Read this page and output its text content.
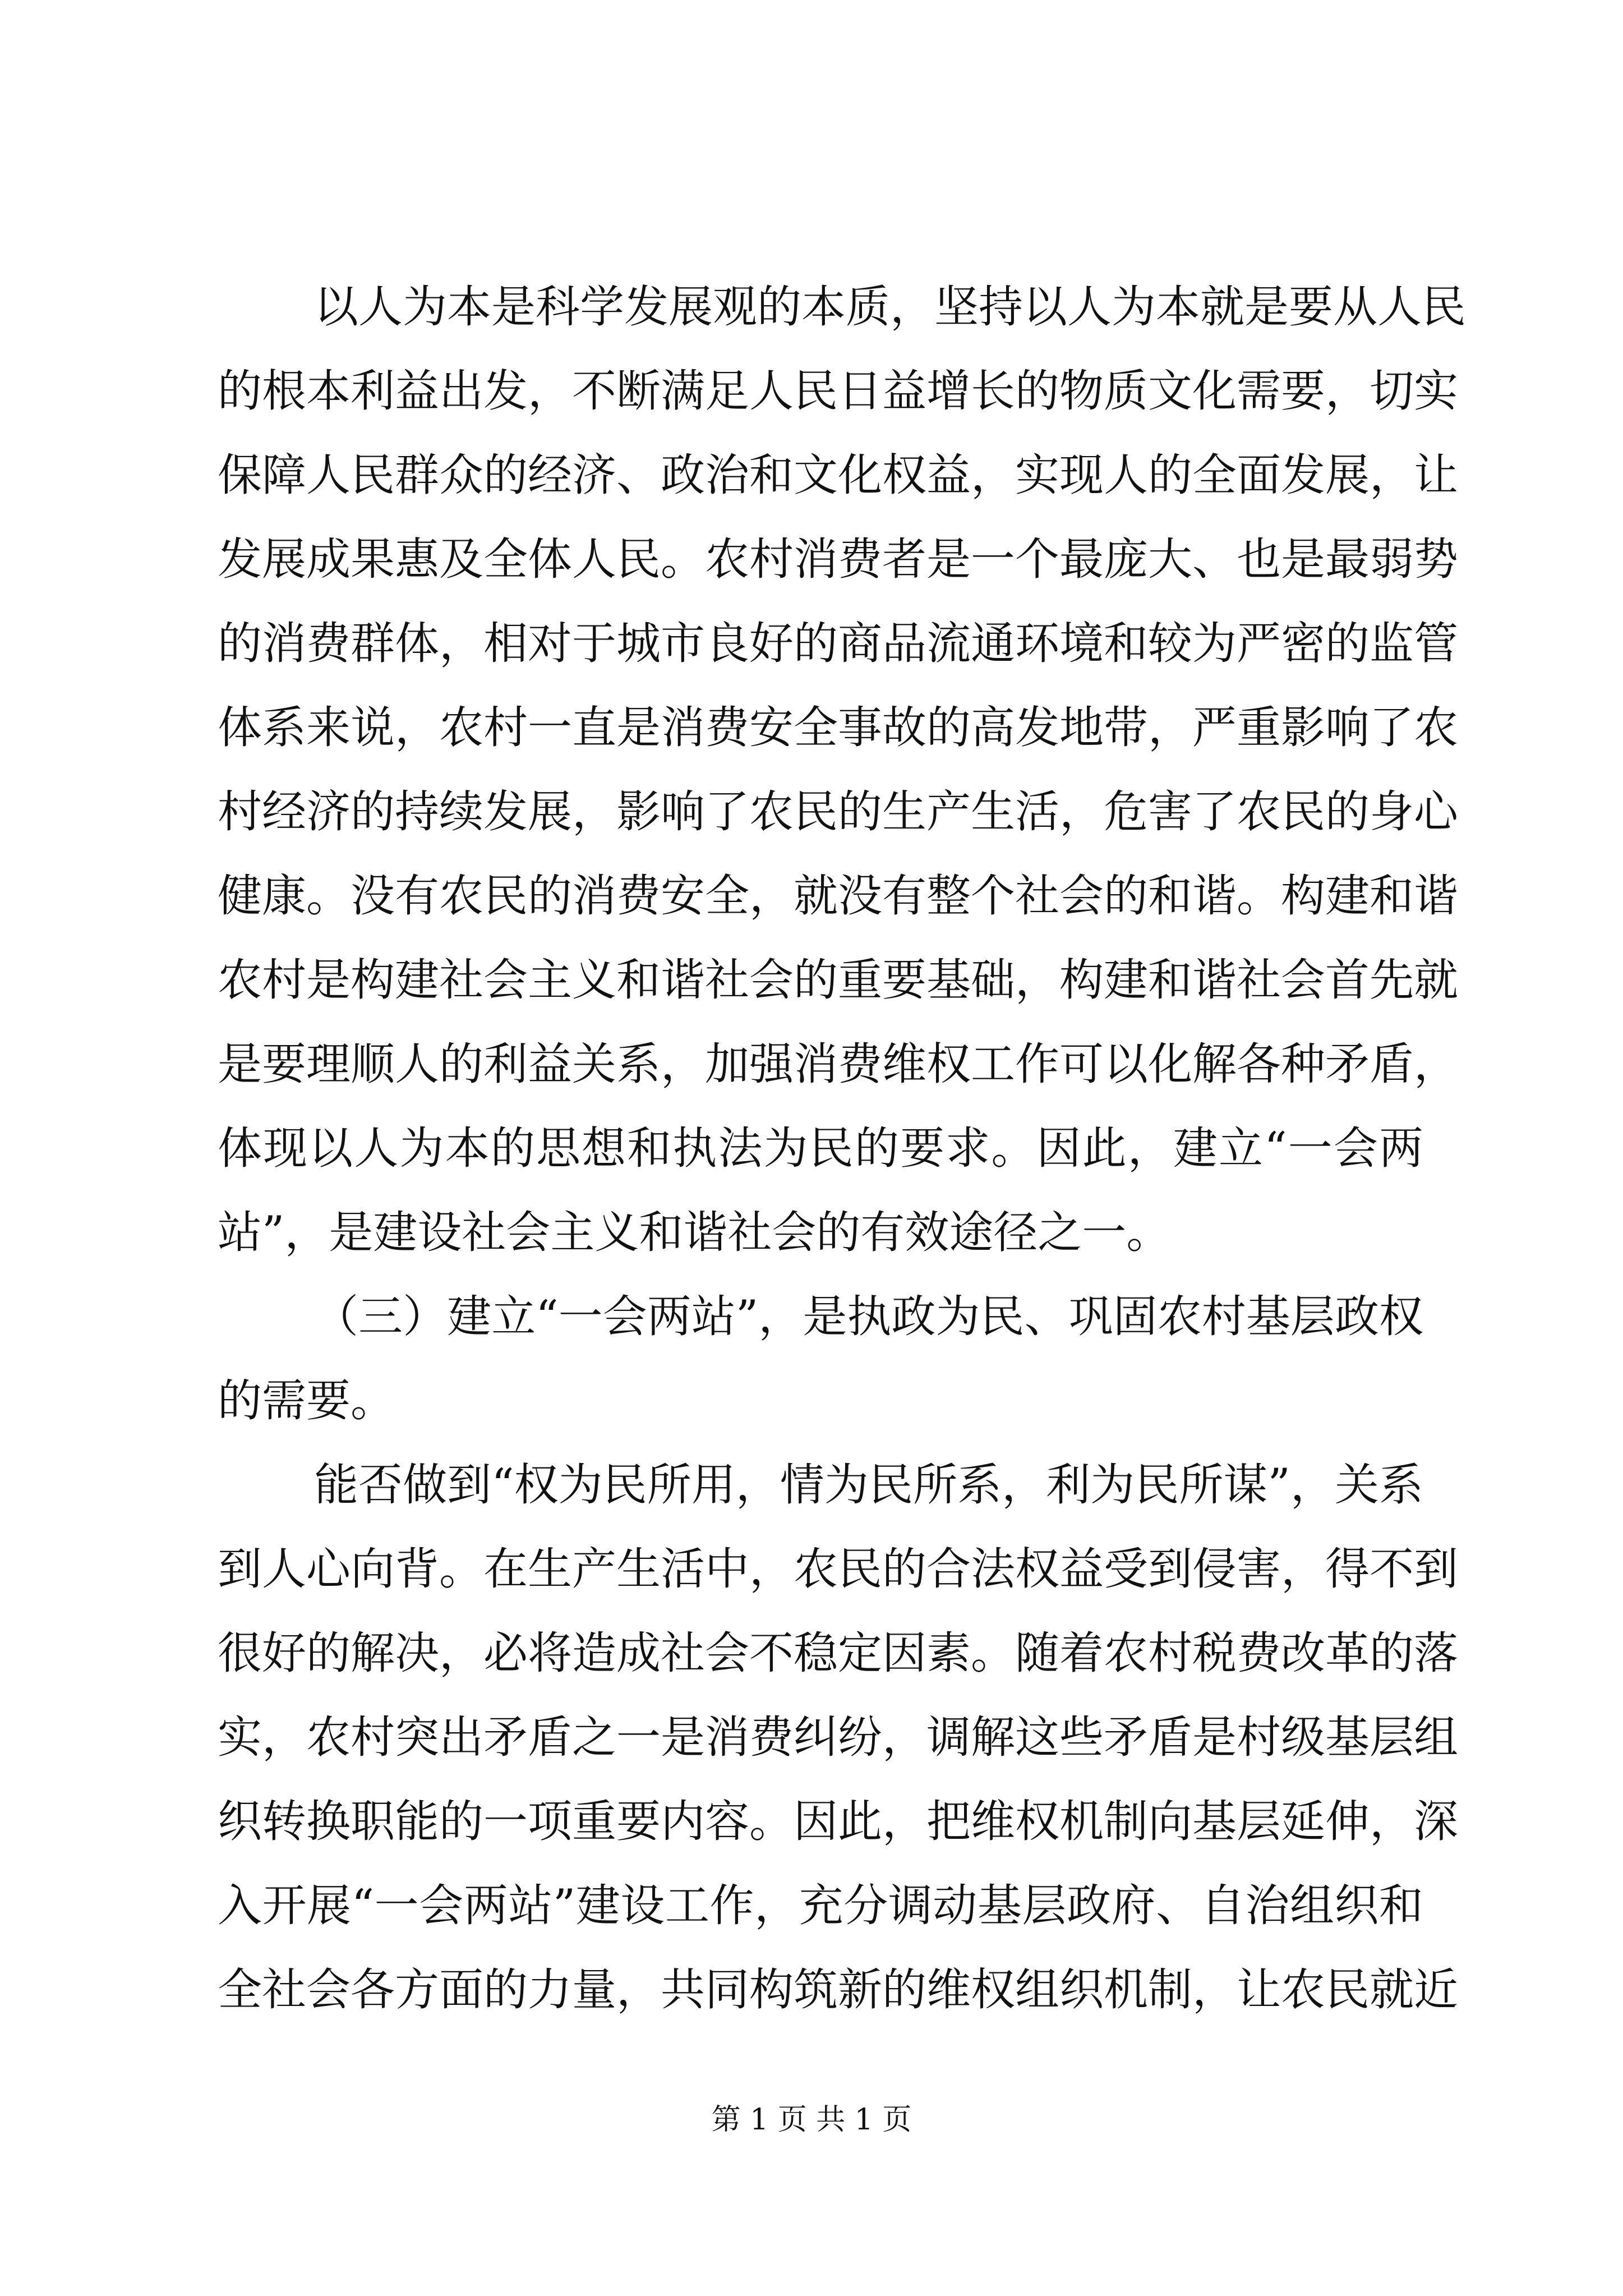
以人为本是科学发展观的本质，坚持以人为本就是要从人民
的根本利益出发，不断满足人民日益增长的物质文化需要，切实
保障人民群众的经济、政治和文化权益，实现人的全面发展，让
发展成果惠及全体人民。农村消费者是一个最庞大、也是最弱势
的消费群体，相对于城市良好的商品流通环境和较为严密的监管
体系来说，农村一直是消费安全事故的高发地带，严重影响了农
村经济的持续发展，影响了农民的生产生活，危害了农民的身心
健康。没有农民的消费安全，就没有整个社会的和谐。构建和谐
农村是构建社会主义和谐社会的重要基础，构建和谐社会首先就
是要理顺人的利益关系，加强消费维权工作可以化解各种矛盾，
体现以人为本的思想和执法为民的要求。因此，建立“一会两
站”，是建设社会主义和谐社会的有效途径之一。
（三）建立“一会两站”，是执政为民、巩固农村基层政权
的需要。
能否做到“权为民所用，情为民所系，利为民所谋”，关系
到人心向背。在生产生活中，农民的合法权益受到侵害，得不到
很好的解决，必将造成社会不稳定因素。随着农村税费改革的落
实，农村突出矛盾之一是消费纠纷，调解这些矛盾是村级基层组
织转换职能的一项重要内容。因此，把维权机制向基层延伸，深
入开展“一会两站”建设工作，充分调动基层政府、自治组织和
全社会各方面的力量，共同构筑新的维权组织机制，让农民就近
第 1 页 共 1 页
